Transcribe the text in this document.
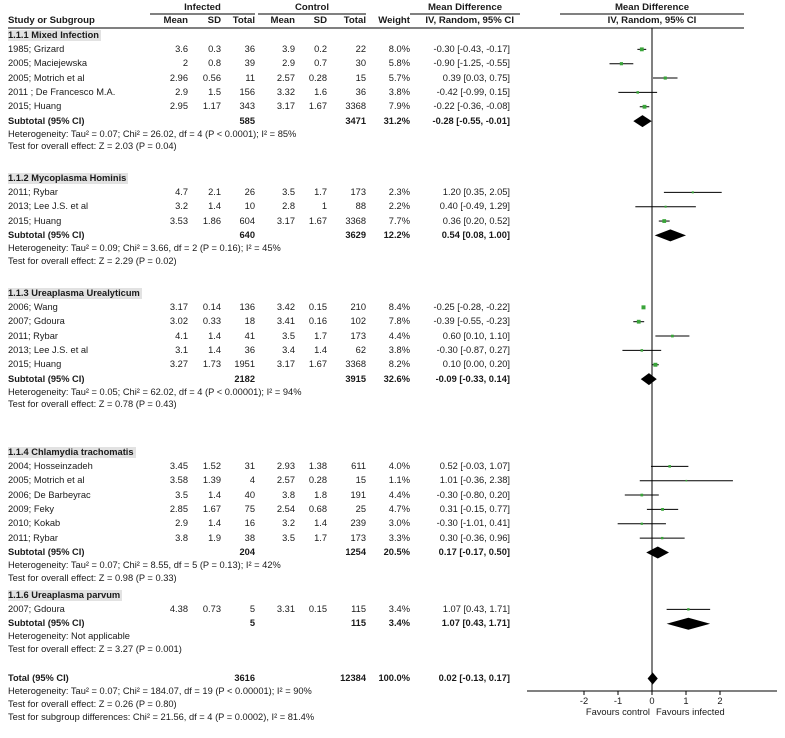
Infected	Control	Mean Difference	Mean Difference
Study or Subgroup	Mean	SD	Total	Mean	SD	Total	Weight	IV, Random, 95% CI	IV, Random, 95% CI
1.1.1 Mixed Infection
1985; Grizard	3.6	0.3	36	3.9	0.2	22	8.0%	-0.30 [-0.43, -0.17]
2005; Maciejewska	2	0.8	39	2.9	0.7	30	5.8%	-0.90 [-1.25, -0.55]
2005; Motrich et al	2.96	0.56	11	2.57	0.28	15	5.7%	0.39 [0.03, 0.75]
2011 ; De Francesco M.A.	2.9	1.5	156	3.32	1.6	36	3.8%	-0.42 [-0.99, 0.15]
2015; Huang	2.95	1.17	343	3.17	1.67	3368	7.9%	-0.22 [-0.36, -0.08]
Subtotal (95% CI)	585	3471	31.2%	-0.28 [-0.55, -0.01]
Heterogeneity: Tau² = 0.07; Chi² = 26.02, df = 4 (P < 0.0001); I² = 85%
Test for overall effect: Z = 2.03 (P = 0.04)
1.1.2 Mycoplasma Hominis
2011; Rybar	4.7	2.1	26	3.5	1.7	173	2.3%	1.20 [0.35, 2.05]
2013; Lee J.S. et al	3.2	1.4	10	2.8	1	88	2.2%	0.40 [-0.49, 1.29]
2015; Huang	3.53	1.86	604	3.17	1.67	3368	7.7%	0.36 [0.20, 0.52]
Subtotal (95% CI)	640	3629	12.2%	0.54 [0.08, 1.00]
Heterogeneity: Tau² = 0.09; Chi² = 3.66, df = 2 (P = 0.16); I² = 45%
Test for overall effect: Z = 2.29 (P = 0.02)
1.1.3 Ureaplasma Urealyticum
2006; Wang	3.17	0.14	136	3.42	0.15	210	8.4%	-0.25 [-0.28, -0.22]
2007; Gdoura	3.02	0.33	18	3.41	0.16	102	7.8%	-0.39 [-0.55, -0.23]
2011; Rybar	4.1	1.4	41	3.5	1.7	173	4.4%	0.60 [0.10, 1.10]
2013; Lee J.S. et al	3.1	1.4	36	3.4	1.4	62	3.8%	-0.30 [-0.87, 0.27]
2015; Huang	3.27	1.73	1951	3.17	1.67	3368	8.2%	0.10 [0.00, 0.20]
Subtotal (95% CI)	2182	3915	32.6%	-0.09 [-0.33, 0.14]
Heterogeneity: Tau² = 0.05; Chi² = 62.02, df = 4 (P < 0.00001); I² = 94%
Test for overall effect: Z = 0.78 (P = 0.43)
1.1.4 Chlamydia trachomatis
2004; Hosseinzadeh	3.45	1.52	31	2.93	1.38	611	4.0%	0.52 [-0.03, 1.07]
2005; Motrich et al	3.58	1.39	4	2.57	0.28	15	1.1%	1.01 [-0.36, 2.38]
2006; De Barbeyrac	3.5	1.4	40	3.8	1.8	191	4.4%	-0.30 [-0.80, 0.20]
2009; Feky	2.85	1.67	75	2.54	0.68	25	4.7%	0.31 [-0.15, 0.77]
2010; Kokab	2.9	1.4	16	3.2	1.4	239	3.0%	-0.30 [-1.01, 0.41]
2011; Rybar	3.8	1.9	38	3.5	1.7	173	3.3%	0.30 [-0.36, 0.96]
Subtotal (95% CI)	204	1254	20.5%	0.17 [-0.17, 0.50]
Heterogeneity: Tau² = 0.07; Chi² = 8.55, df = 5 (P = 0.13); I² = 42%
Test for overall effect: Z = 0.98 (P = 0.33)
1.1.6 Ureaplasma parvum
2007; Gdoura	4.38	0.73	5	3.31	0.15	115	3.4%	1.07 [0.43, 1.71]
Subtotal (95% CI)	5	115	3.4%	1.07 [0.43, 1.71]
Heterogeneity: Not applicable
Test for overall effect: Z = 3.27 (P = 0.001)
Total (95% CI)	3616	12384	100.0%	0.02 [-0.13, 0.17]
Heterogeneity: Tau² = 0.07; Chi² = 184.07, df = 19 (P < 0.00001); I² = 90%
Test for overall effect: Z = 0.26 (P = 0.80)
Test for subgroup differences: Chi² = 21.56, df = 4 (P = 0.0002), I² = 81.4%
-2	-1	0	1	2
Favours control Favours infected
